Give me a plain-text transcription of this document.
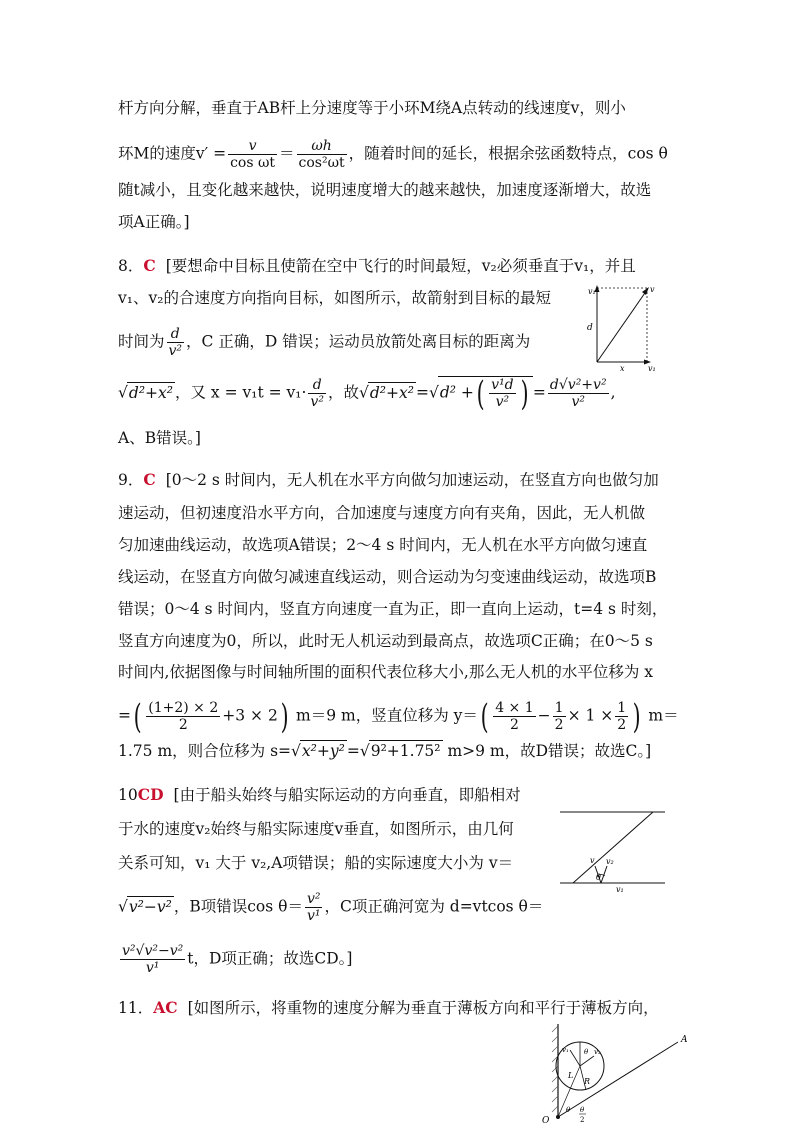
杆方向分解，垂直于AB杆上分速度等于小环M绕A点转动的线速度v，则小
环M的速度$v' = \frac{v}{\text{cos ωt}} = \frac{\omega h}{\text{cos²ωt}}$ ，随着时间的延长，根据余弦函数特点，cos θ
随t减小，且变化越来越快，说明速度增大的越来越快，加速度逐渐增大，故选
项A正确。]
8．C [要想命中目标且使箭在空中飞行的时间最短，v₂必须垂直于v₁，并且
v₁、v₂的合速度方向指向目标，如图所示，故箭射到目标的最短
时间为 $\frac{d}{\text{v²}}$ ，C 正确，D 错误；运动员放箭处离目标的距离为
√d²+x² ，又 $x = v_1t = v_1\cdot \frac{d}{\text{v²}}$ ，故√d²+x² =√d² +( $\frac{\text{v¹d}}{\text{v²}}$ ) = $\frac{\text{d√v²+v²}}{\text{v²}}$ ,
A、B错误。]
v₁	v
d
x	v₁
9．C [0～2 s 时间内，无人机在水平方向做匀加速运动，在竖直方向也做匀加
速运动，但初速度沿水平方向，合加速度与速度方向有夹角，因此，无人机做
匀加速曲线运动，故选项A错误；2～4 s 时间内，无人机在水平方向做匀速直
线运动，在竖直方向做匀减速直线运动，则合运动为匀变速曲线运动，故选项B
错误；0～4 s 时间内，竖直方向速度一直为正，即一直向上运动，t=4 s 时刻，
竖直方向速度为0，所以，此时无人机运动到最高点，故选项C正确；在0～5 s
时间内,依据图像与时间轴所围的面积代表位移大小,那么无人机的水平位移为 x
=( $\frac{(1+2) \times 2}{2} +3 \times 2$) m＝9 m，竖直位移为 $y=( \frac{4 \times 1}{2} - \frac{1}{2} \times 1 \times \frac{1}{2}$ ) m＝
1.75 m，则合位移为 s=√x²+y² =√9²+1.75² m>9 m，故D错误；故选C。]
10CD [由于船头始终与船实际运动的方向垂直，即船相对
于水的速度v₂始终与船实际速度v垂直，如图所示，由几何
关系可知，v₁ 大于 v₂,A项错误；船的实际速度大小为 v＝
√v²−v² ，B项错误$\cos \theta= \frac{\text{v²}}{\text{v¹}}$ ，C项正确河宽为 d=vtcos θ＝
$\frac{\text{v²√v²−v²}}{\text{v¹}}$ t，D项正确；故选CD。]
v v₂
θ
v₁
11．AC [如图所示，将重物的速度分解为垂直于薄板方向和平行于薄板方向，
A
O
v₁	v₂
L
R
θ
θ θ
2
